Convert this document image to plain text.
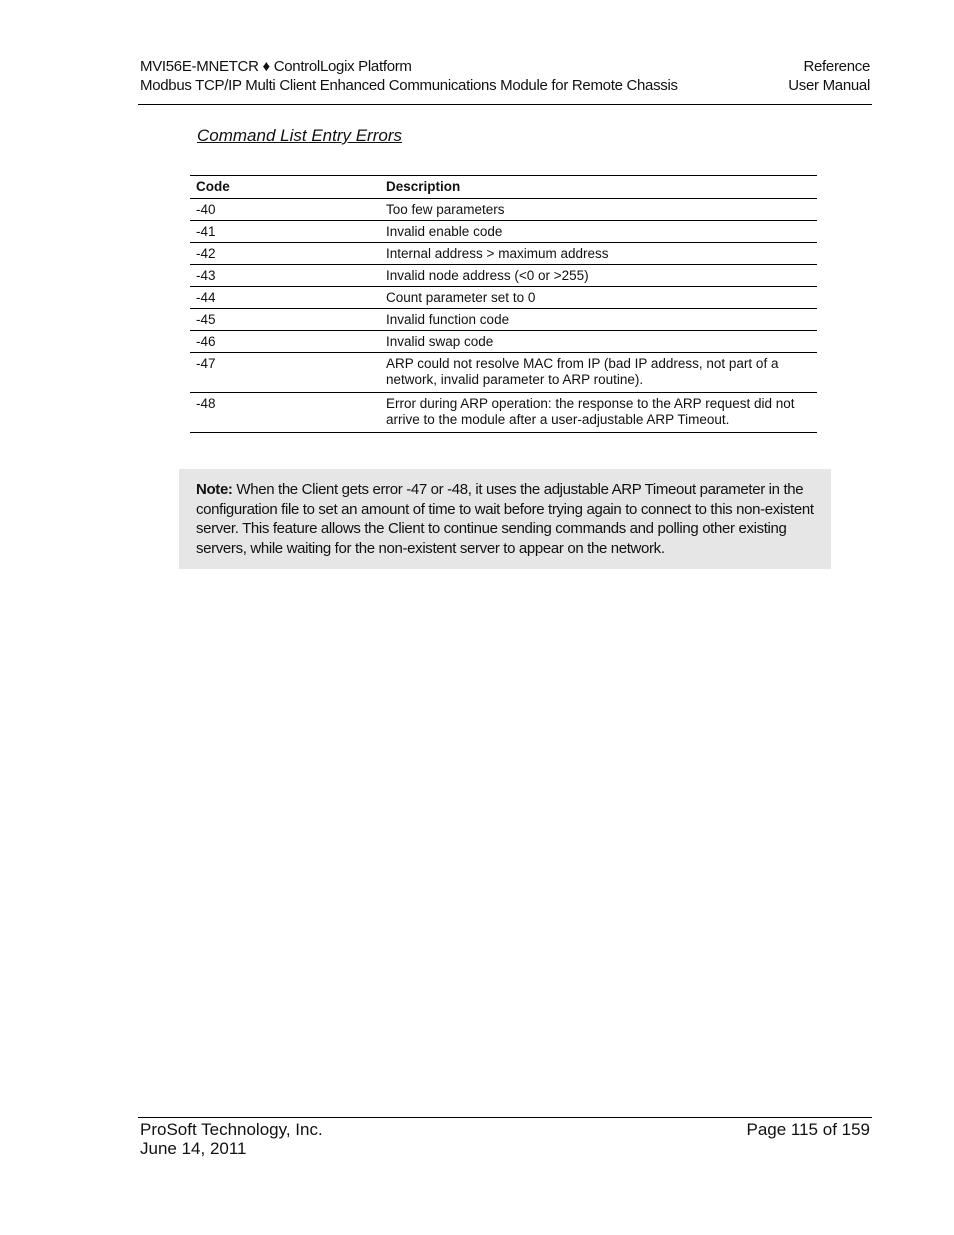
MVI56E-MNETCR ♦ ControlLogix Platform	Reference
Modbus TCP/IP Multi Client Enhanced Communications Module for Remote Chassis	User Manual
Command List Entry Errors
Code	Description
-40	Too few parameters
-41	Invalid enable code
-42	Internal address > maximum address
-43	Invalid node address (<0 or >255)
-44	Count parameter set to 0
-45	Invalid function code
-46	Invalid swap code
-47	ARP could not resolve MAC from IP (bad IP address, not part of a network, invalid parameter to ARP routine).
-48	Error during ARP operation: the response to the ARP request did not arrive to the module after a user-adjustable ARP Timeout.
Note: When the Client gets error -47 or -48, it uses the adjustable ARP Timeout parameter in the configuration file to set an amount of time to wait before trying again to connect to this non-existent server. This feature allows the Client to continue sending commands and polling other existing servers, while waiting for the non-existent server to appear on the network.
ProSoft Technology, Inc.	Page 115 of 159
June 14, 2011
